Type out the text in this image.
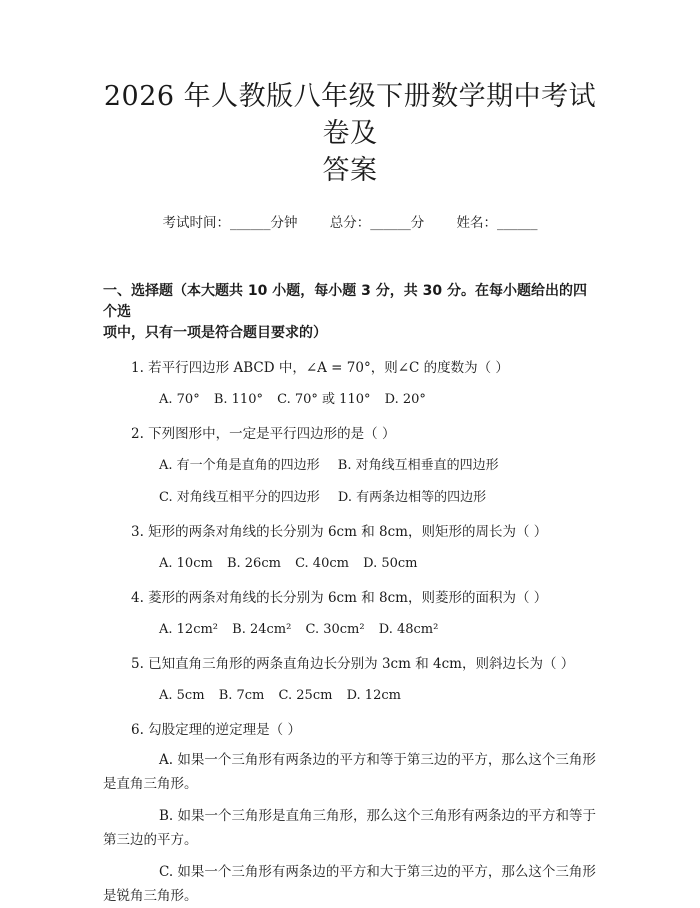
2026 年人教版八年级下册数学期中考试卷及
答案
考试时间：______分钟 总分：______分 姓名：______
一、选择题（本大题共 10 小题，每小题 3 分，共 30 分。在每小题给出的四个选
项中，只有一项是符合题目要求的）
1. 若平行四边形 ABCD 中，∠A = 70°，则∠C 的度数为（ ）
A. 70° B. 110° C. 70° 或 110° D. 20°
2. 下列图形中，一定是平行四边形的是（ ）
A. 有一个角是直角的四边形 B. 对角线互相垂直的四边形
C. 对角线互相平分的四边形 D. 有两条边相等的四边形
3. 矩形的两条对角线的长分别为 6cm 和 8cm，则矩形的周长为（ ）
A. 10cm B. 26cm C. 40cm D. 50cm
4. 菱形的两条对角线的长分别为 6cm 和 8cm，则菱形的面积为（ ）
A. 12cm² B. 24cm² C. 30cm² D. 48cm²
5. 已知直角三角形的两条直角边长分别为 3cm 和 4cm，则斜边长为（ ）
A. 5cm B. 7cm C. 25cm D. 12cm
6. 勾股定理的逆定理是（ ）
A. 如果一个三角形有两条边的平方和等于第三边的平方，那么这个三角形是直角三角形。
B. 如果一个三角形是直角三角形，那么这个三角形有两条边的平方和等于第三边的平方。
C. 如果一个三角形有两条边的平方和大于第三边的平方，那么这个三角形是锐角三角形。
